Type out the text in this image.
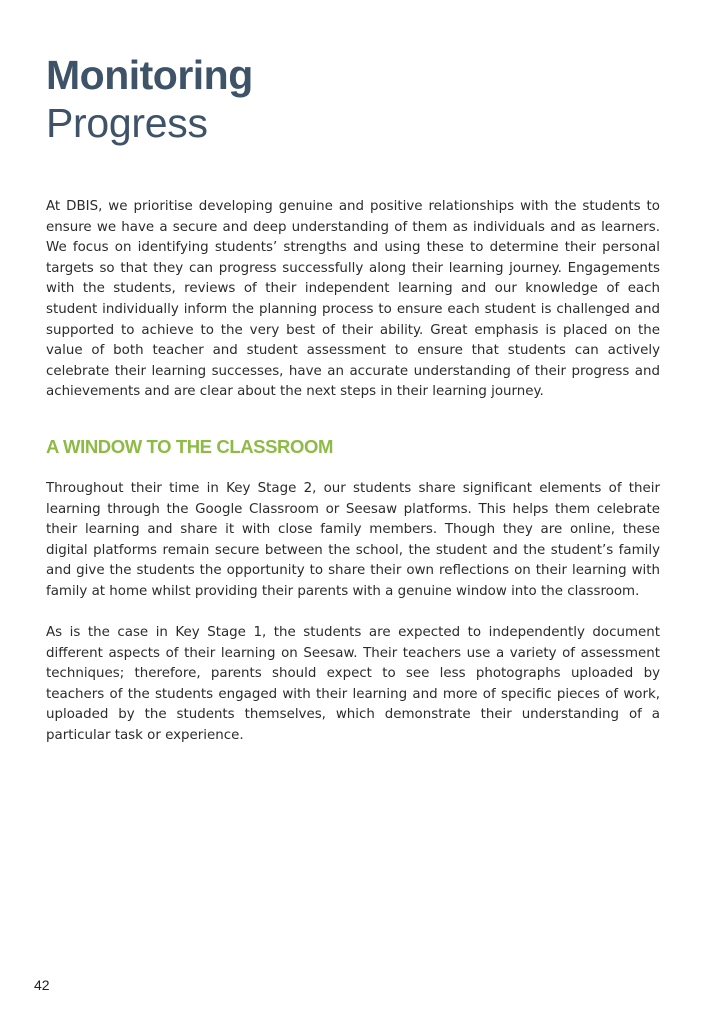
Monitoring
Progress

At DBIS, we prioritise developing genuine and positive relationships with the students to ensure we have a secure and deep understanding of them as individuals and as learners. We focus on identifying students’ strengths and using these to determine their personal targets so that they can progress successfully along their learning journey. Engagements with the students, reviews of their independent learning and our knowledge of each student individually inform the planning process to ensure each student is challenged and supported to achieve to the very best of their ability. Great emphasis is placed on the value of both teacher and student assessment to ensure that students can actively celebrate their learning successes, have an accurate understanding of their progress and achievements and are clear about the next steps in their learning journey.

A WINDOW TO THE CLASSROOM

Throughout their time in Key Stage 2, our students share significant elements of their learning through the Google Classroom or Seesaw platforms. This helps them celebrate their learning and share it with close family members. Though they are online, these digital platforms remain secure between the school, the student and the student’s family and give the students the opportunity to share their own reflections on their learning with family at home whilst providing their parents with a genuine window into the classroom.

As is the case in Key Stage 1, the students are expected to independently document different aspects of their learning on Seesaw. Their teachers use a variety of assessment techniques; therefore, parents should expect to see less photographs uploaded by teachers of the students engaged with their learning and more of specific pieces of work, uploaded by the students themselves, which demonstrate their understanding of a particular task or experience.

42
